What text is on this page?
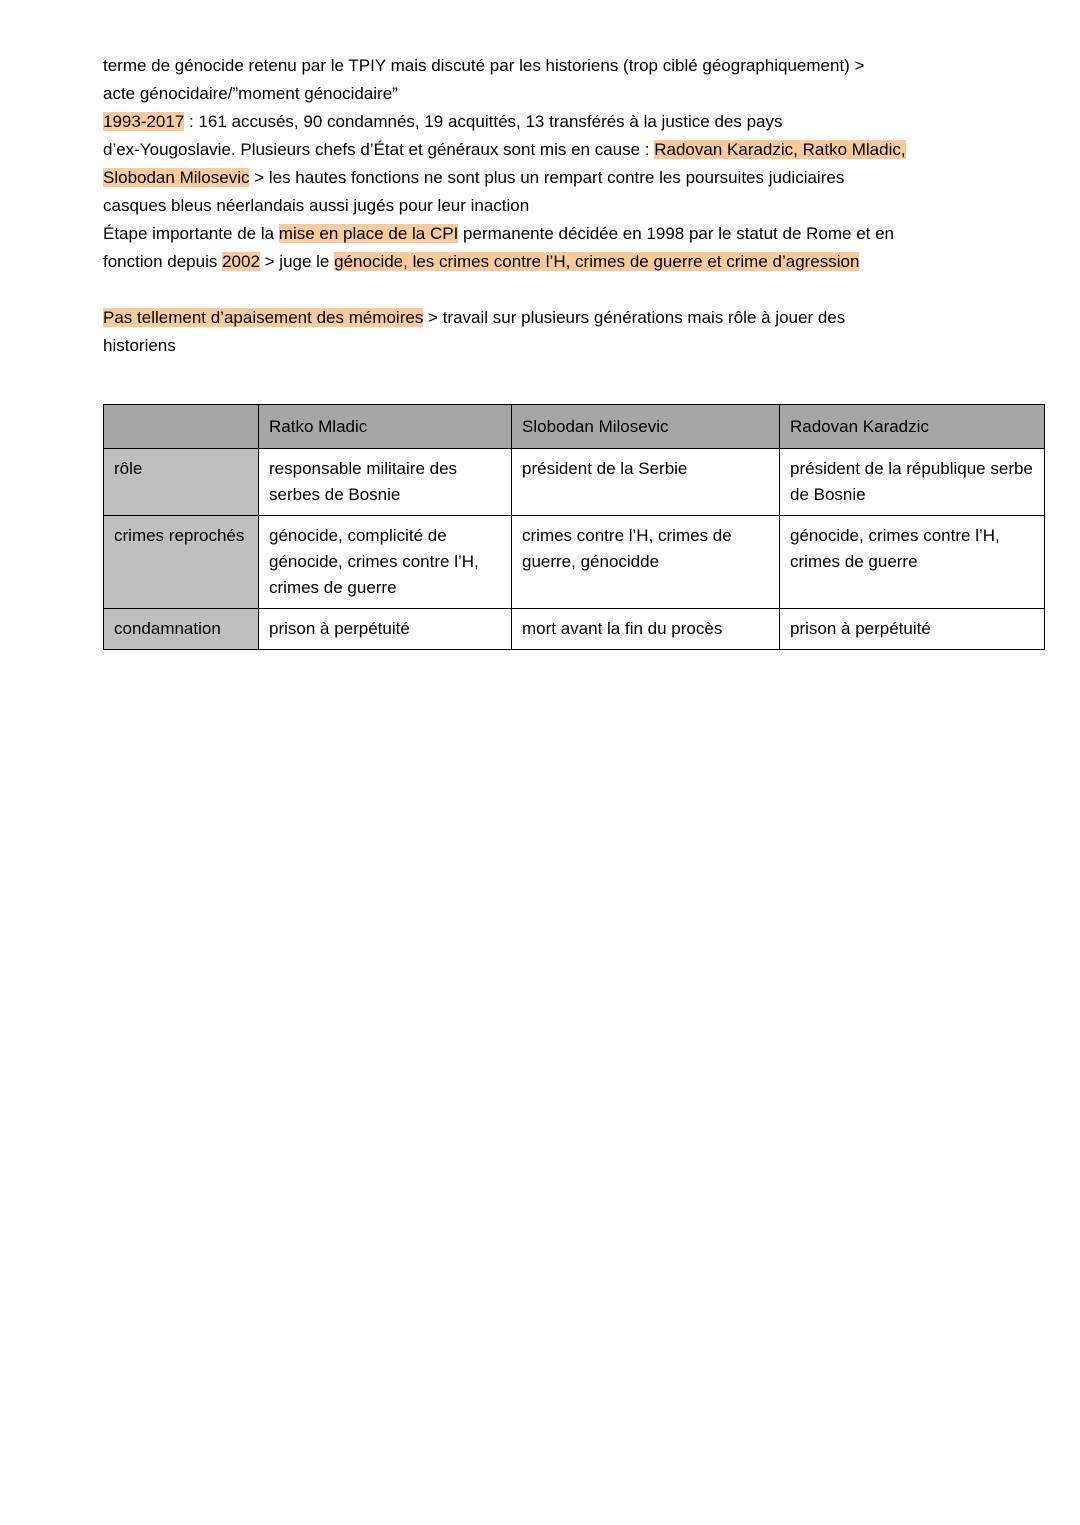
terme de génocide retenu par le TPIY mais discuté par les historiens (trop ciblé géographiquement) >
acte génocidaire/”moment génocidaire”
1993-2017 : 161 accusés, 90 condamnés, 19 acquittés, 13 transférés à la justice des pays
d’ex-Yougoslavie. Plusieurs chefs d’État et généraux sont mis en cause : Radovan Karadzic, Ratko Mladic,
Slobodan Milosevic > les hautes fonctions ne sont plus un rempart contre les poursuites judiciaires
casques bleus néerlandais aussi jugés pour leur inaction
Étape importante de la mise en place de la CPI permanente décidée en 1998 par le statut de Rome et en
fonction depuis 2002 > juge le génocide, les crimes contre l’H, crimes de guerre et crime d’agression
Pas tellement d’apaisement des mémoires > travail sur plusieurs générations mais rôle à jouer des
historiens
	Ratko Mladic	Slobodan Milosevic	Radovan Karadzic
rôle	responsable militaire des serbes de Bosnie	président de la Serbie	président de la république serbe de Bosnie
crimes reprochés	génocide, complicité de génocide, crimes contre l’H, crimes de guerre	crimes contre l’H, crimes de guerre, génocidde	génocide, crimes contre l’H, crimes de guerre
condamnation	prison à perpétuité	mort avant la fin du procès	prison à perpétuité
